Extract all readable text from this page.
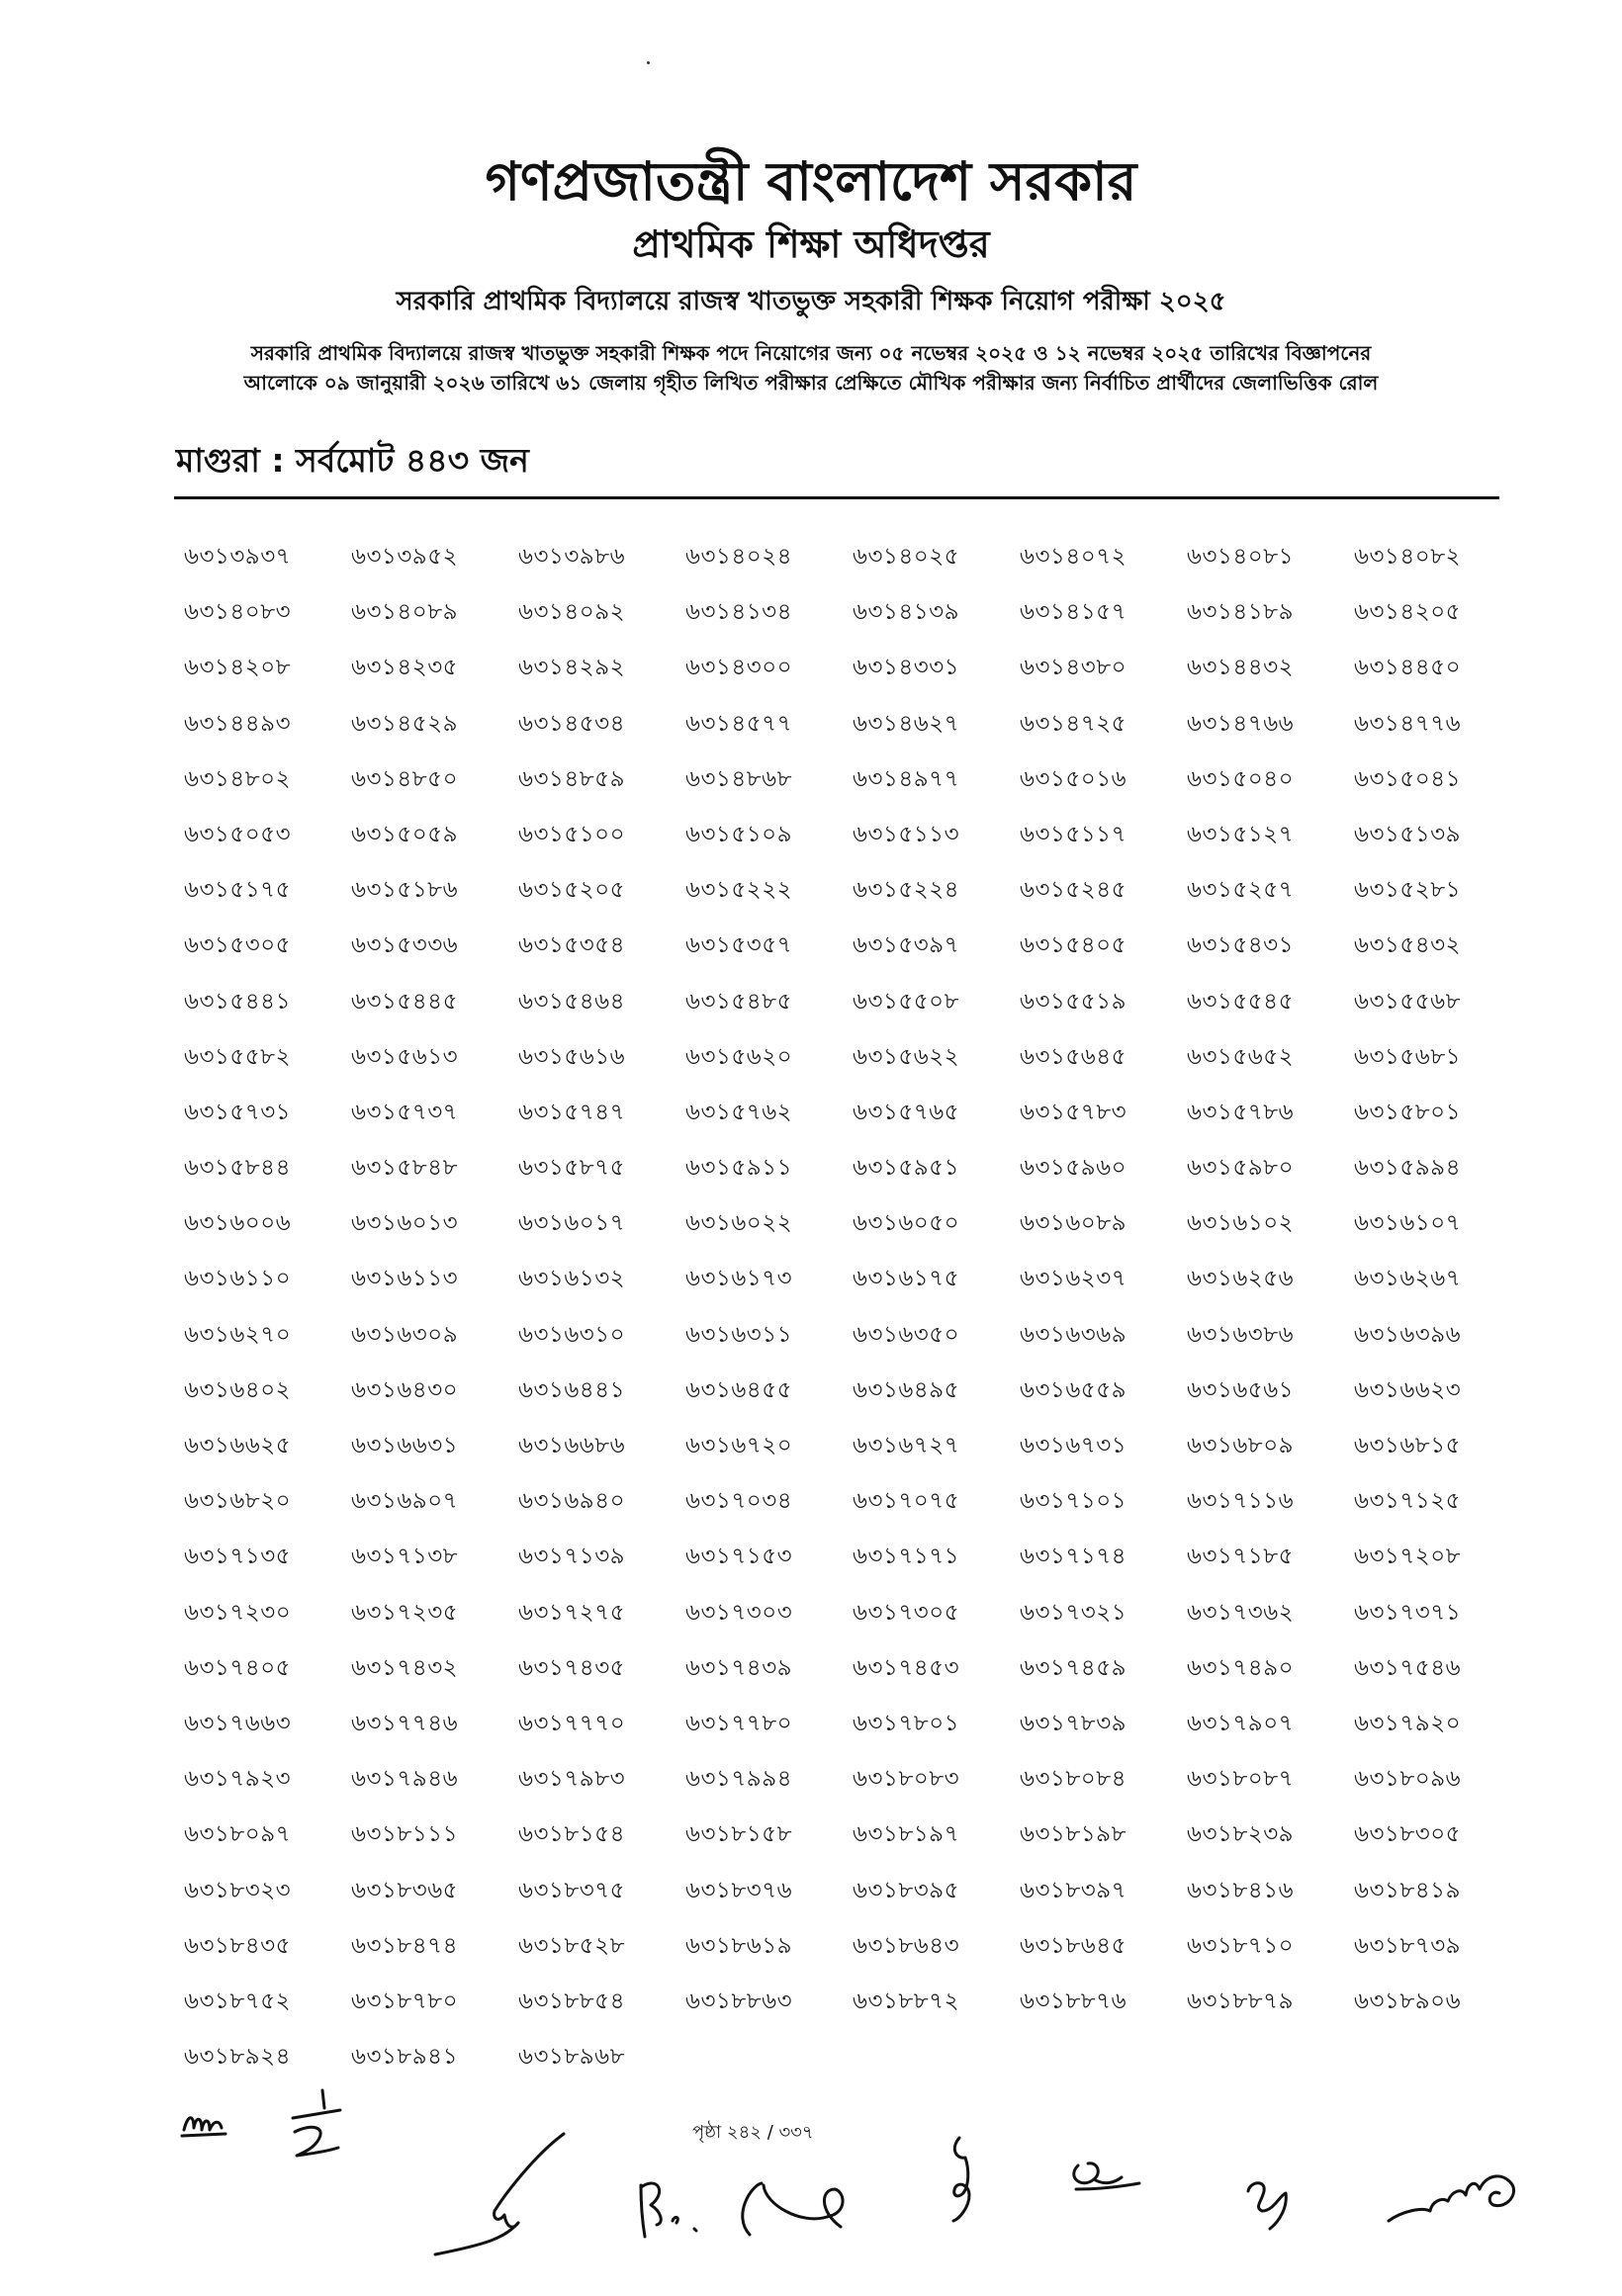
গণপ্রজাতন্ত্রী বাংলাদেশ সরকার
প্রাথমিক শিক্ষা অধিদপ্তর
সরকারি প্রাথমিক বিদ্যালয়ে রাজস্ব খাতভুক্ত সহকারী শিক্ষক নিয়োগ পরীক্ষা ২০২৫
সরকারি প্রাথমিক বিদ্যালয়ে রাজস্ব খাতভুক্ত সহকারী শিক্ষক পদে নিয়োগের জন্য ০৫ নভেম্বর ২০২৫ ও ১২ নভেম্বর ২০২৫ তারিখের বিজ্ঞাপনের
আলোকে ০৯ জানুয়ারী ২০২৬ তারিখে ৬১ জেলায় গৃহীত লিখিত পরীক্ষার প্রেক্ষিতে মৌখিক পরীক্ষার জন্য নির্বাচিত প্রার্থীদের জেলাভিত্তিক রোল
মাগুরা : সর্বমোট ৪৪৩ জন
৬৩১৩৯৩৭	৬৩১৩৯৫২	৬৩১৩৯৮৬	৬৩১৪০২৪	৬৩১৪০২৫	৬৩১৪০৭২	৬৩১৪০৮১	৬৩১৪০৮২
৬৩১৪০৮৩	৬৩১৪০৮৯	৬৩১৪০৯২	৬৩১৪১৩৪	৬৩১৪১৩৯	৬৩১৪১৫৭	৬৩১৪১৮৯	৬৩১৪২০৫
৬৩১৪২০৮	৬৩১৪২৩৫	৬৩১৪২৯২	৬৩১৪৩০০	৬৩১৪৩৩১	৬৩১৪৩৮০	৬৩১৪৪৩২	৬৩১৪৪৫০
৬৩১৪৪৯৩	৬৩১৪৫২৯	৬৩১৪৫৩৪	৬৩১৪৫৭৭	৬৩১৪৬২৭	৬৩১৪৭২৫	৬৩১৪৭৬৬	৬৩১৪৭৭৬
৬৩১৪৮০২	৬৩১৪৮৫০	৬৩১৪৮৫৯	৬৩১৪৮৬৮	৬৩১৪৯৭৭	৬৩১৫০১৬	৬৩১৫০৪০	৬৩১৫০৪১
৬৩১৫০৫৩	৬৩১৫০৫৯	৬৩১৫১০০	৬৩১৫১০৯	৬৩১৫১১৩	৬৩১৫১১৭	৬৩১৫১২৭	৬৩১৫১৩৯
৬৩১৫১৭৫	৬৩১৫১৮৬	৬৩১৫২০৫	৬৩১৫২২২	৬৩১৫২২৪	৬৩১৫২৪৫	৬৩১৫২৫৭	৬৩১৫২৮১
৬৩১৫৩০৫	৬৩১৫৩৩৬	৬৩১৫৩৫৪	৬৩১৫৩৫৭	৬৩১৫৩৯৭	৬৩১৫৪০৫	৬৩১৫৪৩১	৬৩১৫৪৩২
৬৩১৫৪৪১	৬৩১৫৪৪৫	৬৩১৫৪৬৪	৬৩১৫৪৮৫	৬৩১৫৫০৮	৬৩১৫৫১৯	৬৩১৫৫৪৫	৬৩১৫৫৬৮
৬৩১৫৫৮২	৬৩১৫৬১৩	৬৩১৫৬১৬	৬৩১৫৬২০	৬৩১৫৬২২	৬৩১৫৬৪৫	৬৩১৫৬৫২	৬৩১৫৬৮১
৬৩১৫৭৩১	৬৩১৫৭৩৭	৬৩১৫৭৪৭	৬৩১৫৭৬২	৬৩১৫৭৬৫	৬৩১৫৭৮৩	৬৩১৫৭৮৬	৬৩১৫৮০১
৬৩১৫৮৪৪	৬৩১৫৮৪৮	৬৩১৫৮৭৫	৬৩১৫৯১১	৬৩১৫৯৫১	৬৩১৫৯৬০	৬৩১৫৯৮০	৬৩১৫৯৯৪
৬৩১৬০০৬	৬৩১৬০১৩	৬৩১৬০১৭	৬৩১৬০২২	৬৩১৬০৫০	৬৩১৬০৮৯	৬৩১৬১০২	৬৩১৬১০৭
৬৩১৬১১০	৬৩১৬১১৩	৬৩১৬১৩২	৬৩১৬১৭৩	৬৩১৬১৭৫	৬৩১৬২৩৭	৬৩১৬২৫৬	৬৩১৬২৬৭
৬৩১৬২৭০	৬৩১৬৩০৯	৬৩১৬৩১০	৬৩১৬৩১১	৬৩১৬৩৫০	৬৩১৬৩৬৯	৬৩১৬৩৮৬	৬৩১৬৩৯৬
৬৩১৬৪০২	৬৩১৬৪৩০	৬৩১৬৪৪১	৬৩১৬৪৫৫	৬৩১৬৪৯৫	৬৩১৬৫৫৯	৬৩১৬৫৬১	৬৩১৬৬২৩
৬৩১৬৬২৫	৬৩১৬৬৩১	৬৩১৬৬৮৬	৬৩১৬৭২০	৬৩১৬৭২৭	৬৩১৬৭৩১	৬৩১৬৮০৯	৬৩১৬৮১৫
৬৩১৬৮২০	৬৩১৬৯০৭	৬৩১৬৯৪০	৬৩১৭০৩৪	৬৩১৭০৭৫	৬৩১৭১০১	৬৩১৭১১৬	৬৩১৭১২৫
৬৩১৭১৩৫	৬৩১৭১৩৮	৬৩১৭১৩৯	৬৩১৭১৫৩	৬৩১৭১৭১	৬৩১৭১৭৪	৬৩১৭১৮৫	৬৩১৭২০৮
৬৩১৭২৩০	৬৩১৭২৩৫	৬৩১৭২৭৫	৬৩১৭৩০৩	৬৩১৭৩০৫	৬৩১৭৩২১	৬৩১৭৩৬২	৬৩১৭৩৭১
৬৩১৭৪০৫	৬৩১৭৪৩২	৬৩১৭৪৩৫	৬৩১৭৪৩৯	৬৩১৭৪৫৩	৬৩১৭৪৫৯	৬৩১৭৪৯০	৬৩১৭৫৪৬
৬৩১৭৬৬৩	৬৩১৭৭৪৬	৬৩১৭৭৭০	৬৩১৭৭৮০	৬৩১৭৮০১	৬৩১৭৮৩৯	৬৩১৭৯০৭	৬৩১৭৯২০
৬৩১৭৯২৩	৬৩১৭৯৪৬	৬৩১৭৯৮৩	৬৩১৭৯৯৪	৬৩১৮০৮৩	৬৩১৮০৮৪	৬৩১৮০৮৭	৬৩১৮০৯৬
৬৩১৮০৯৭	৬৩১৮১১১	৬৩১৮১৫৪	৬৩১৮১৫৮	৬৩১৮১৯৭	৬৩১৮১৯৮	৬৩১৮২৩৯	৬৩১৮৩০৫
৬৩১৮৩২৩	৬৩১৮৩৬৫	৬৩১৮৩৭৫	৬৩১৮৩৭৬	৬৩১৮৩৯৫	৬৩১৮৩৯৭	৬৩১৮৪১৬	৬৩১৮৪১৯
৬৩১৮৪৩৫	৬৩১৮৪৭৪	৬৩১৮৫২৮	৬৩১৮৬১৯	৬৩১৮৬৪৩	৬৩১৮৬৪৫	৬৩১৮৭১০	৬৩১৮৭৩৯
৬৩১৮৭৫২	৬৩১৮৭৮০	৬৩১৮৮৫৪	৬৩১৮৮৬৩	৬৩১৮৮৭২	৬৩১৮৮৭৬	৬৩১৮৮৭৯	৬৩১৮৯০৬
৬৩১৮৯২৪	৬৩১৮৯৪১	৬৩১৮৯৬৮
পৃষ্ঠা ২৪২ / ৩৩৭
